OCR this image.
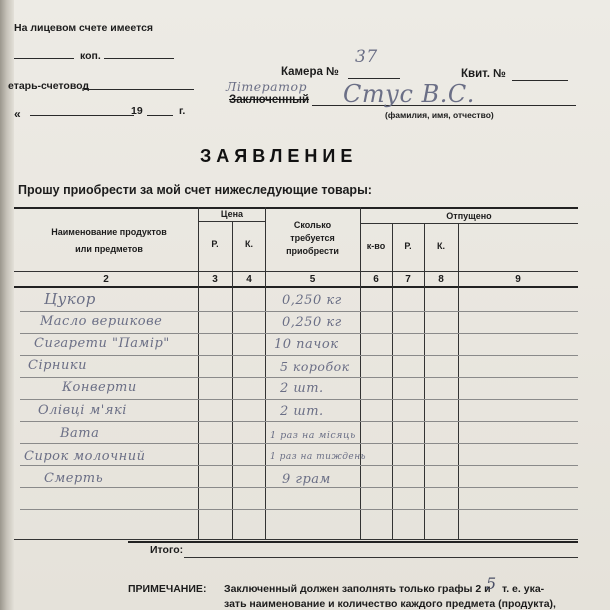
На лицевом счете имеется
коп.
етарь-счетовод
«	19	г.
Камера №
37
Квит. №
Літератор
Заключенный Стус В.С.
(фамилия, имя, отчество)
ЗАЯВЛЕНИЕ
Прошу приобрести за мой счет нижеследующие товары:
Наименование продуктов
или предметов
Цена
Р.	К.
Сколько
требуется
приобрести
Отпущено
к-во	Р.	К.
2	3	4	5	6	7	8	9
Цукор	0,250 кг
Масло вершкове	0,250 кг
Сигарети "Памір"	10 пачок
Сірники	5 коробок
Конверти	2 шт.
Олівці м'які	2 шт.
Вата	1 раз на місяць
Сирок молочний	1 раз на тиждень
Смерть	9 грам
Итого:
ПРИМЕЧАНИЕ: Заключенный должен заполнять только графы 2 и
5 т. е. ука-
зать наименование и количество каждого предмета (продукта),
